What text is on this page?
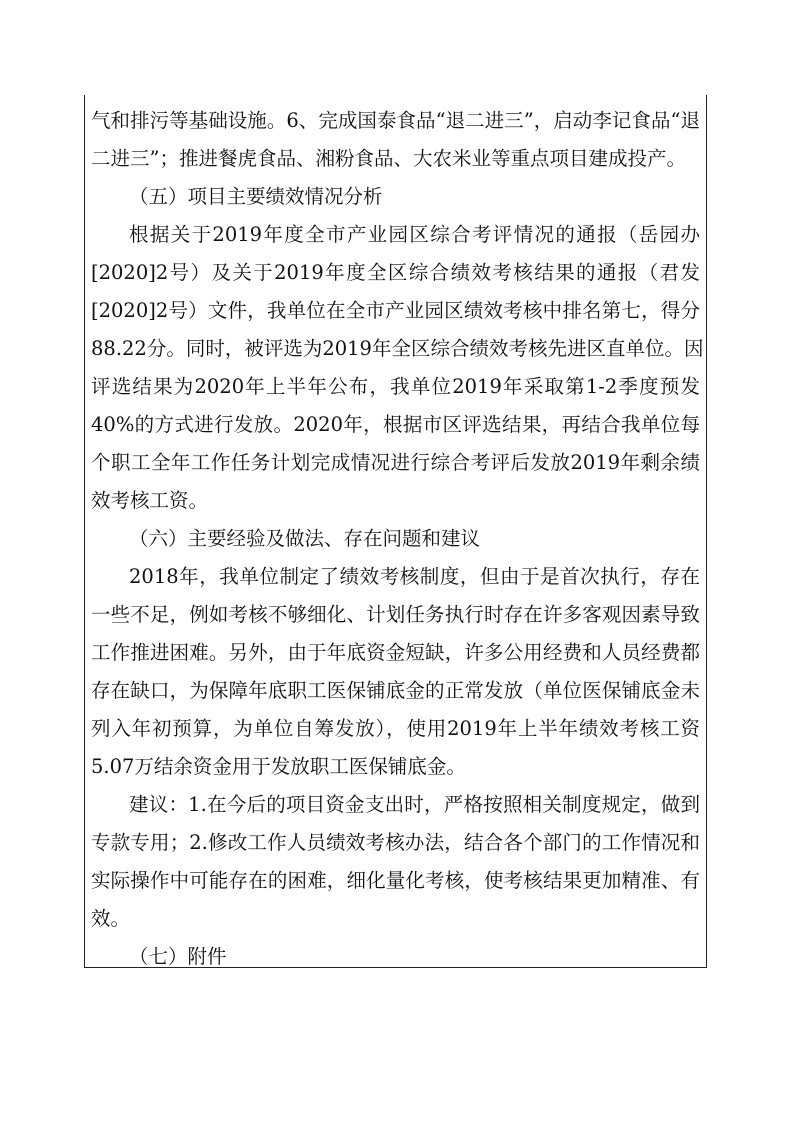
气和排污等基础设施。6、完成国泰食品“退二进三”，启动李记食品“退
二进三”；推进餐虎食品、湘粉食品、大农米业等重点项目建成投产。
（五）项目主要绩效情况分析
根据关于2019年度全市产业园区综合考评情况的通报（岳园办
[2020]2号）及关于2019年度全区综合绩效考核结果的通报（君发
[2020]2号）文件，我单位在全市产业园区绩效考核中排名第七，得分
88.22分。同时，被评选为2019年全区综合绩效考核先进区直单位。因
评选结果为2020年上半年公布，我单位2019年采取第1-2季度预发
40%的方式进行发放。2020年，根据市区评选结果，再结合我单位每
个职工全年工作任务计划完成情况进行综合考评后发放2019年剩余绩
效考核工资。
（六）主要经验及做法、存在问题和建议
2018年，我单位制定了绩效考核制度，但由于是首次执行，存在
一些不足，例如考核不够细化、计划任务执行时存在许多客观因素导致
工作推进困难。另外，由于年底资金短缺，许多公用经费和人员经费都
存在缺口，为保障年底职工医保铺底金的正常发放（单位医保铺底金未
列入年初预算，为单位自筹发放），使用2019年上半年绩效考核工资
5.07万结余资金用于发放职工医保铺底金。
建议：1.在今后的项目资金支出时，严格按照相关制度规定，做到
专款专用；2.修改工作人员绩效考核办法，结合各个部门的工作情况和
实际操作中可能存在的困难，细化量化考核，使考核结果更加精准、有
效。
（七）附件
